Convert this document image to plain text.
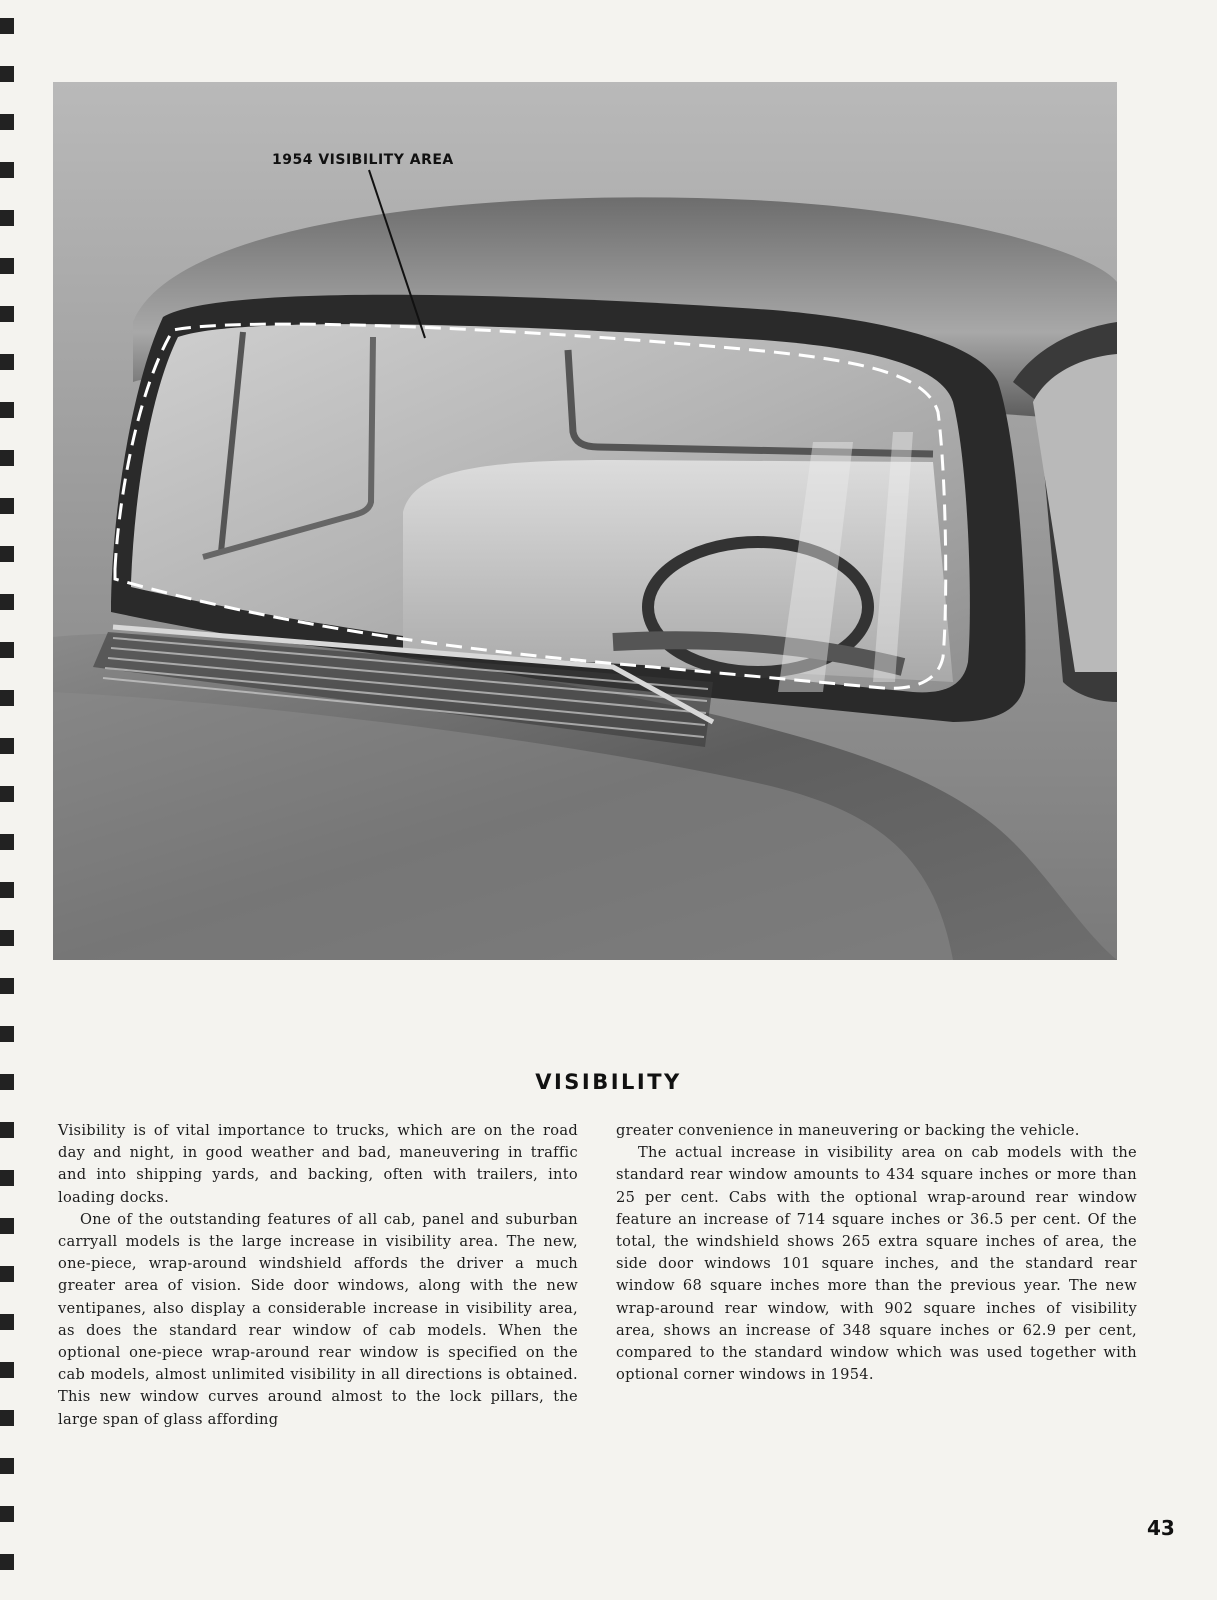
1954 VISIBILITY AREA
VISIBILITY

Visibility is of vital importance to trucks, which are on the road day and night, in good weather and bad, maneuvering in traffic and into shipping yards, and backing, often with trailers, into loading docks.

One of the outstanding features of all cab, panel and suburban carryall models is the large increase in visibility area. The new, one-piece, wrap-around windshield affords the driver a much greater area of vision. Side door windows, along with the new ventipanes, also display a considerable increase in visibility area, as does the standard rear window of cab models. When the optional one-piece wrap-around rear window is specified on the cab models, almost unlimited visibility in all directions is obtained. This new window curves around almost to the lock pillars, the large span of glass affording

greater convenience in maneuvering or backing the vehicle.

The actual increase in visibility area on cab models with the standard rear window amounts to 434 square inches or more than 25 per cent. Cabs with the optional wrap-around rear window feature an increase of 714 square inches or 36.5 per cent. Of the total, the windshield shows 265 extra square inches of area, the side door windows 101 square inches, and the standard rear window 68 square inches more than the previous year. The new wrap-around rear window, with 902 square inches of visibility area, shows an increase of 348 square inches or 62.9 per cent, compared to the standard window which was used together with optional corner windows in 1954.

43
